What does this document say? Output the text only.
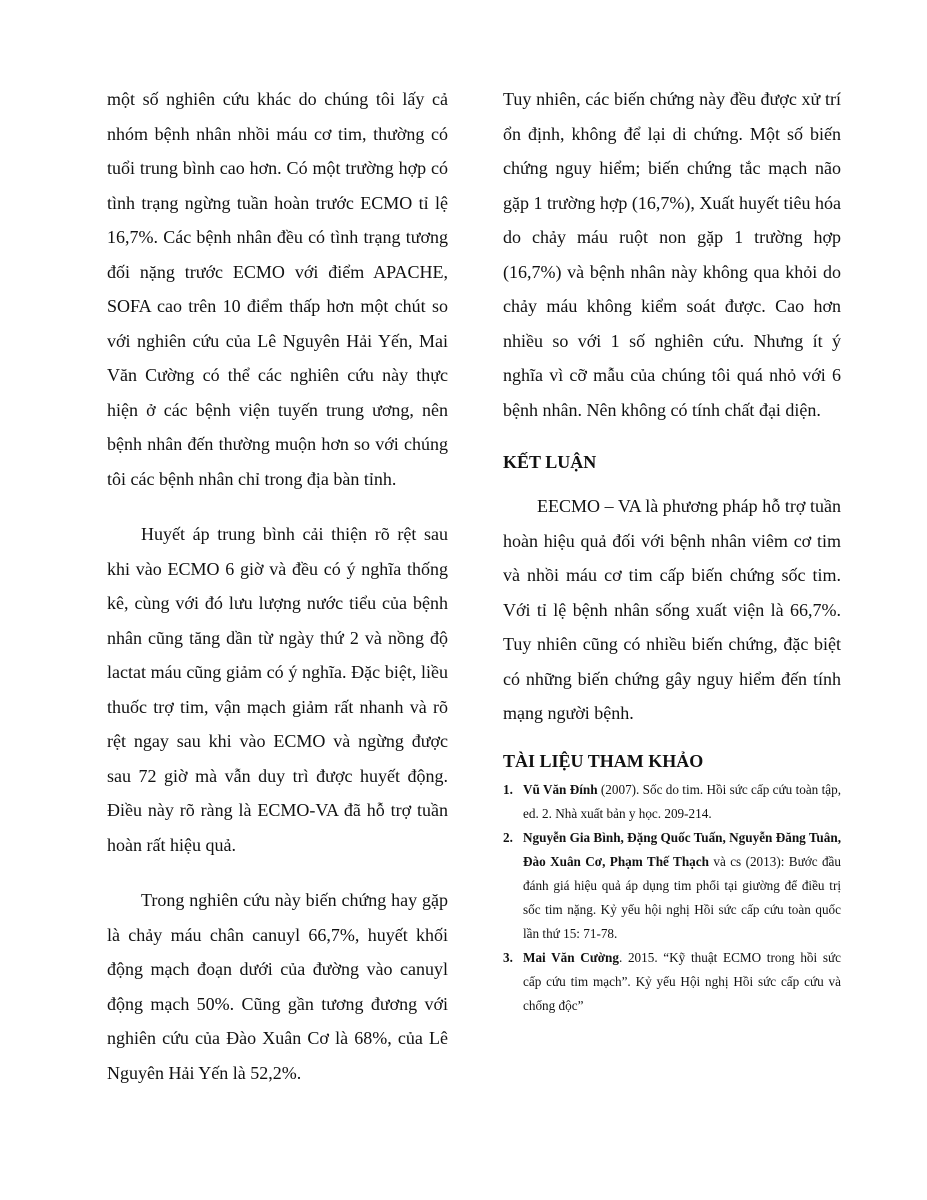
một số nghiên cứu khác do chúng tôi lấy cả nhóm bệnh nhân nhồi máu cơ tim, thường có tuổi trung bình cao hơn. Có một trường hợp có tình trạng ngừng tuần hoàn trước ECMO tỉ lệ 16,7%. Các bệnh nhân đều có tình trạng tương đối nặng trước ECMO với điểm APACHE, SOFA cao trên 10 điểm thấp hơn một chút so với nghiên cứu của Lê Nguyên Hải Yến, Mai Văn Cường có thể các nghiên cứu này thực hiện ở các bệnh viện tuyến trung ương, nên bệnh nhân đến thường muộn hơn so với chúng tôi các bệnh nhân chỉ trong địa bàn tỉnh.

Huyết áp trung bình cải thiện rõ rệt sau khi vào ECMO 6 giờ và đều có ý nghĩa thống kê, cùng với đó lưu lượng nước tiểu của bệnh nhân cũng tăng dần từ ngày thứ 2 và nồng độ lactat máu cũng giảm có ý nghĩa. Đặc biệt, liều thuốc trợ tim, vận mạch giảm rất nhanh và rõ rệt ngay sau khi vào ECMO và ngừng được sau 72 giờ mà vẫn duy trì được huyết động. Điều này rõ ràng là ECMO-VA đã hỗ trợ tuần hoàn rất hiệu quả.

Trong nghiên cứu này biến chứng hay gặp là chảy máu chân canuyl 66,7%, huyết khối động mạch đoạn dưới của đường vào canuyl động mạch 50%. Cũng gần tương đương với nghiên cứu của Đào Xuân Cơ là 68%, của Lê Nguyên Hải Yến là 52,2%.

Tuy nhiên, các biến chứng này đều được xử trí ổn định, không để lại di chứng. Một số biến chứng nguy hiểm; biến chứng tắc mạch não gặp 1 trường hợp (16,7%), Xuất huyết tiêu hóa do chảy máu ruột non gặp 1 trường hợp (16,7%) và bệnh nhân này không qua khỏi do chảy máu không kiểm soát được. Cao hơn nhiều so với 1 số nghiên cứu. Nhưng ít ý nghĩa vì cỡ mẫu của chúng tôi quá nhỏ với 6 bệnh nhân. Nên không có tính chất đại diện.

KẾT LUẬN

EECMO – VA là phương pháp hỗ trợ tuần hoàn hiệu quả đối với bệnh nhân viêm cơ tim và nhồi máu cơ tim cấp biến chứng sốc tim. Với tỉ lệ bệnh nhân sống xuất viện là 66,7%. Tuy nhiên cũng có nhiều biến chứng, đặc biệt có những biến chứng gây nguy hiểm đến tính mạng người bệnh.

TÀI LIỆU THAM KHẢO
1. Vũ Văn Đính (2007). Sốc do tim. Hồi sức cấp cứu toàn tập, ed. 2. Nhà xuất bản y học. 209-214.
2. Nguyễn Gia Bình, Đặng Quốc Tuấn, Nguyễn Đăng Tuân, Đào Xuân Cơ, Phạm Thế Thạch và cs (2013): Bước đầu đánh giá hiệu quả áp dụng tim phổi tại giường để điều trị sốc tim nặng. Kỷ yếu hội nghị Hồi sức cấp cứu toàn quốc lần thứ 15: 71-78.
3. Mai Văn Cường. 2015. “Kỹ thuật ECMO trong hồi sức cấp cứu tim mạch”. Kỷ yếu Hội nghị Hồi sức cấp cứu và chống độc”
